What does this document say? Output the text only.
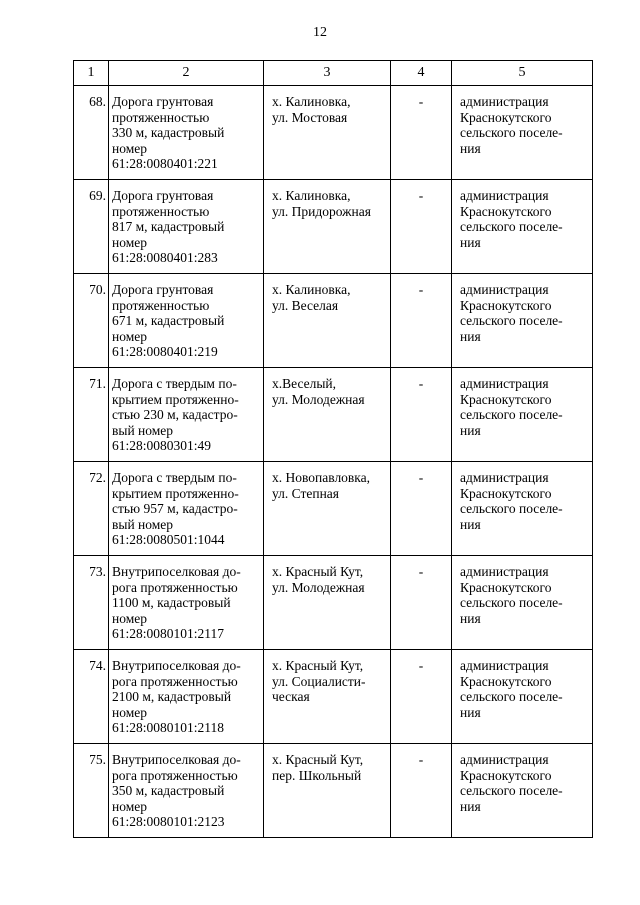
12
1	2	3	4	5

68.	Дорога грунтовая
протяженностью
330 м, кадастровый
номер
61:28:0080401:221	х. Калиновка,
ул. Мостовая	-	администрация
Краснокутского
сельского поселе-
ния

69.	Дорога грунтовая
протяженностью
817 м, кадастровый
номер
61:28:0080401:283	х. Калиновка,
ул. Придорожная	-	администрация
Краснокутского
сельского поселе-
ния

70.	Дорога грунтовая
протяженностью
671 м, кадастровый
номер
61:28:0080401:219	х. Калиновка,
ул. Веселая	-	администрация
Краснокутского
сельского поселе-
ния

71.	Дорога с твердым по-
крытием протяженно-
стью 230 м, кадастро-
вый номер
61:28:0080301:49	х.Веселый,
ул. Молодежная	-	администрация
Краснокутского
сельского поселе-
ния

72.	Дорога с твердым по-
крытием протяженно-
стью 957 м, кадастро-
вый номер
61:28:0080501:1044	х. Новопавловка,
ул. Степная	-	администрация
Краснокутского
сельского поселе-
ния

73.	Внутрипоселковая до-
рога протяженностью
1100 м, кадастровый
номер
61:28:0080101:2117	х. Красный Кут,
ул. Молодежная	-	администрация
Краснокутского
сельского поселе-
ния

74.	Внутрипоселковая до-
рога протяженностью
2100 м, кадастровый
номер
61:28:0080101:2118	х. Красный Кут,
ул. Социалисти-
ческая	-	администрация
Краснокутского
сельского поселе-
ния

75.	Внутрипоселковая до-
рога протяженностью
350 м, кадастровый
номер
61:28:0080101:2123	х. Красный Кут,
пер. Школьный	-	администрация
Краснокутского
сельского поселе-
ния
